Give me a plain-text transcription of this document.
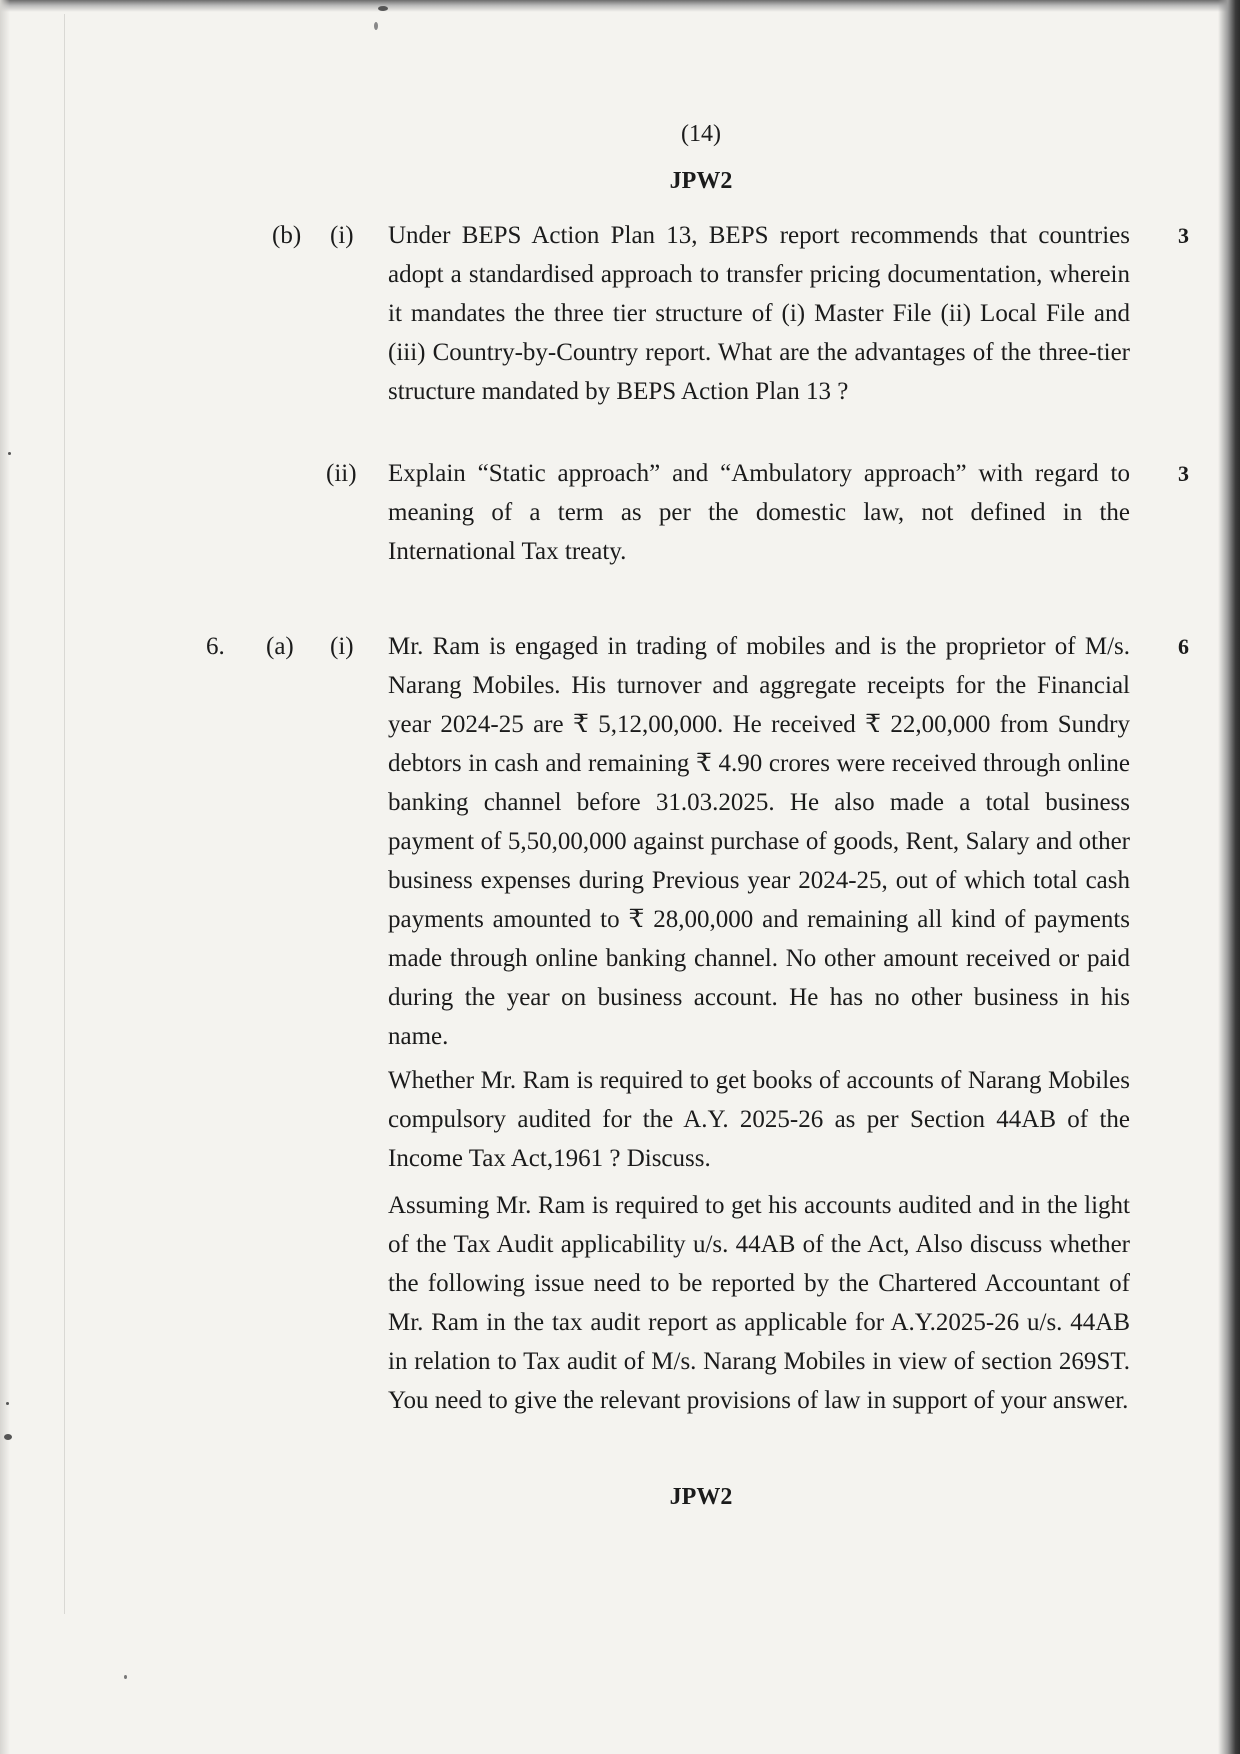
(14)
JPW2
(b) (i) Under BEPS Action Plan 13, BEPS report recommends that countries adopt a standardised approach to transfer pricing documentation, wherein it mandates the three tier structure of (i) Master File (ii) Local File and (iii) Country-by-Country report. What are the advantages of the three-tier structure mandated by BEPS Action Plan 13 ?

3
(ii) Explain “Static approach” and “Ambulatory approach” with regard to meaning of a term as per the domestic law, not defined in the International Tax treaty.

3
6. (a) (i)	6

Mr. Ram is engaged in trading of mobiles and is the proprietor of M/s. Narang Mobiles. His turnover and aggregate receipts for the Financial year 2024-25 are ₹ 5,12,00,000. He received ₹ 22,00,000 from Sundry debtors in cash and remaining ₹ 4.90 crores were received through online banking channel before 31.03.2025. He also made a total business payment of 5,50,00,000 against purchase of goods, Rent, Salary and other business expenses during Previous year 2024-25, out of which total cash payments amounted to ₹ 28,00,000 and remaining all kind of payments made through online banking channel. No other amount received or paid during the year on business account. He has no other business in his name.

Whether Mr. Ram is required to get books of accounts of Narang Mobiles compulsory audited for the A.Y. 2025-26 as per Section 44AB of the Income Tax Act,1961 ? Discuss.

Assuming Mr. Ram is required to get his accounts audited and in the light of the Tax Audit applicability u/s. 44AB of the Act, Also discuss whether the following issue need to be reported by the Chartered Accountant of Mr. Ram in the tax audit report as applicable for A.Y.2025-26 u/s. 44AB in relation to Tax audit of M/s. Narang Mobiles in view of section 269ST. You need to give the relevant provisions of law in support of your answer.

JPW2
